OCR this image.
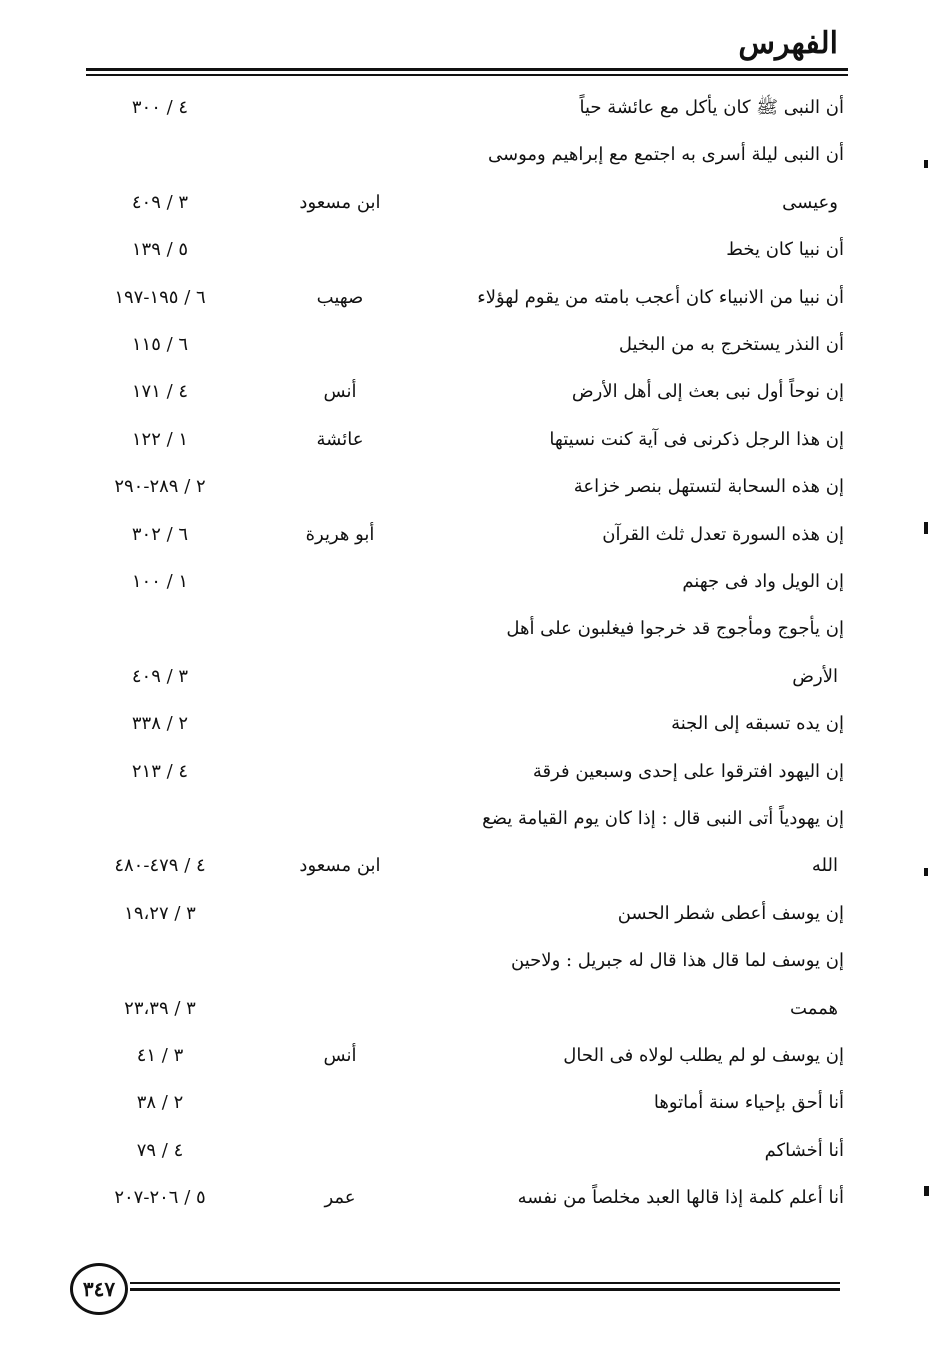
الفهرس
أن النبى ﷺ كان يأكل مع عائشة حياً
٤ / ٣٠٠
أن النبى ليلة أسرى به اجتمع مع إبراهيم وموسى
وعيسى
ابن مسعود
٣ / ٤٠٩
أن نبيا كان يخط
٥ / ١٣٩
أن نبيا من الانبياء كان أعجب بامته من يقوم لهؤلاء
صهيب
٦ / ١٩٥-١٩٧
أن النذر يستخرج به من البخيل
٦ / ١١٥
إن نوحاً أول نبى بعث إلى أهل الأرض
أنس
٤ / ١٧١
إن هذا الرجل ذكرنى فى آية كنت نسيتها
عائشة
١ / ١٢٢
إن هذه السحابة لتستهل بنصر خزاعة
٢ / ٢٨٩-٢٩٠
إن هذه السورة تعدل ثلث القرآن
أبو هريرة
٦ / ٣٠٢
إن الويل واد فى جهنم
١ / ١٠٠
إن يأجوج ومأجوج قد خرجوا فيغلبون على أهل
الأرض
٣ / ٤٠٩
إن يده تسبقه إلى الجنة
٢ / ٣٣٨
إن اليهود افترقوا على إحدى وسبعين فرقة
٤ / ٢١٣
إن يهودياً أتى النبى قال : إذا كان يوم القيامة يضع
الله
ابن مسعود
٤ / ٤٧٩-٤٨٠
إن يوسف أعطى شطر الحسن
٣ / ١٩،٢٧
إن يوسف لما قال هذا قال له جبريل : ولاحين
هممت
٣ / ٢٣،٣٩
إن يوسف لو لم يطلب لولاه فى الحال
أنس
٣ / ٤١
أنا أحق بإحياء سنة أماتوها
٢ / ٣٨
أنا أخشاكم
٤ / ٧٩
أنا أعلم كلمة إذا قالها العبد مخلصاً من نفسه
عمر
٥ / ٢٠٦-٢٠٧
٣٤٧
